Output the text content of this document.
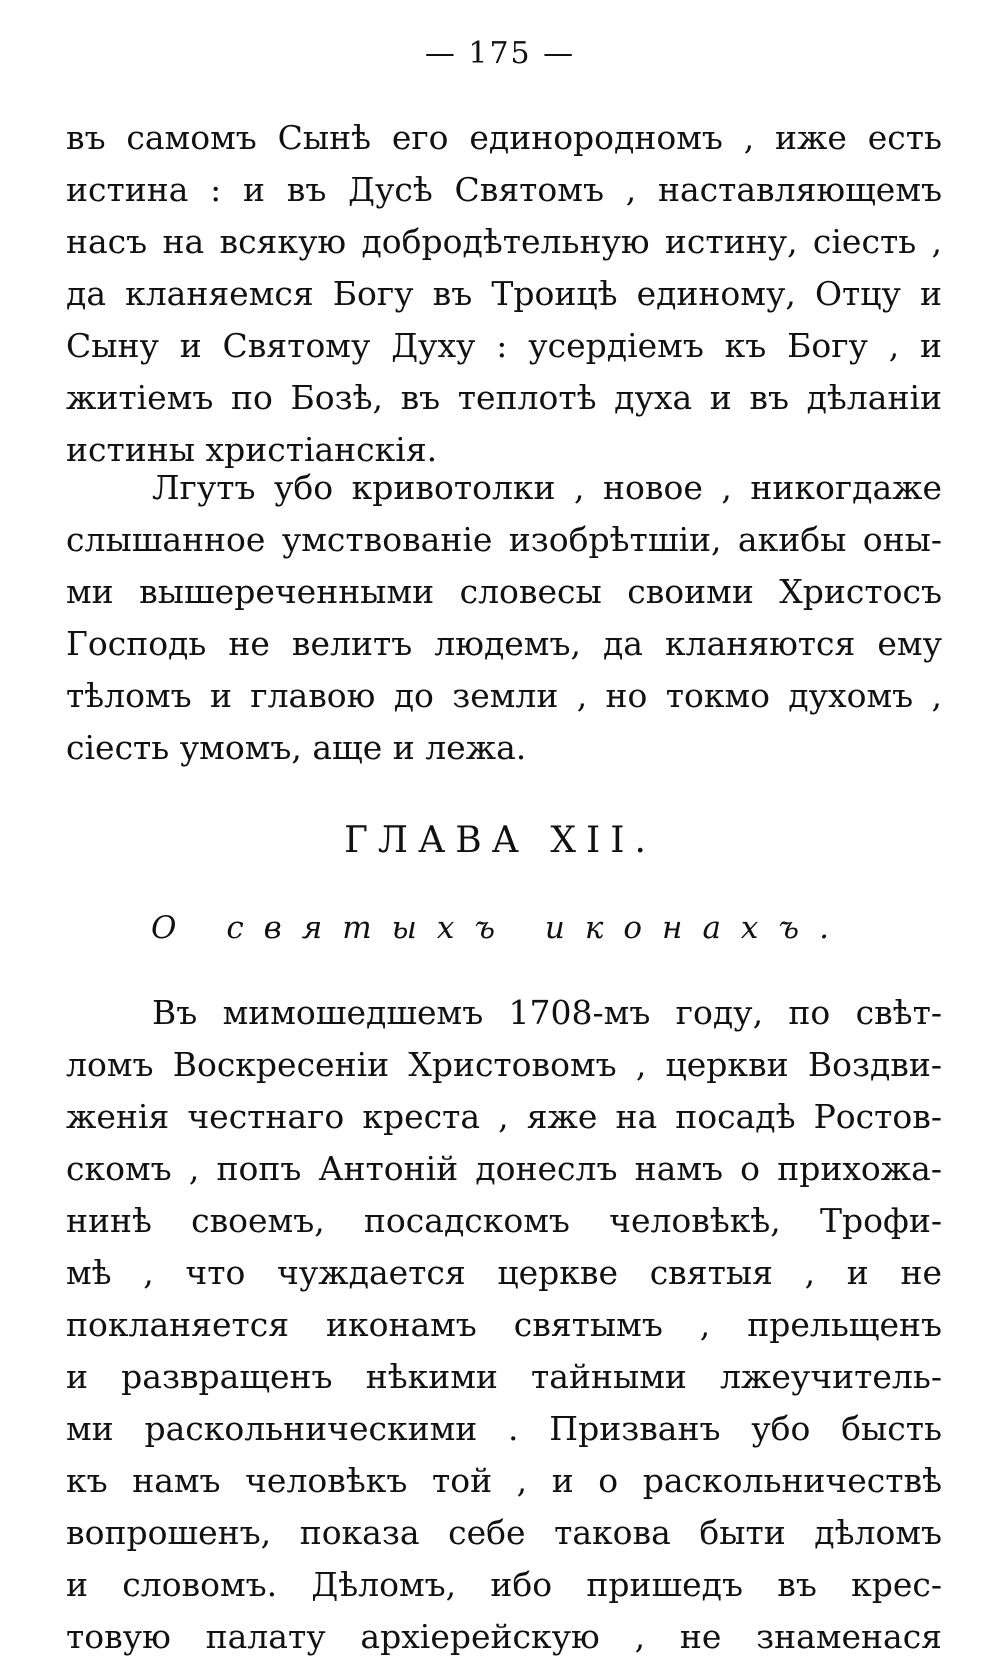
— 175 —
въ самомъ Сынѣ его единородномъ , иже есть
истина : и въ Дусѣ Святомъ , наставляющемъ
насъ на всякую добродѣтельную истину, сіесть ,
да кланяемся Богу въ Троицѣ единому, Отцу и
Сыну и Святому Духу : усердіемъ къ Богу , и
житіемъ по Бозѣ, въ теплотѣ духа и въ дѣланіи
истины христіанскія.
Лгутъ убо кривотолки , новое , никогдаже
слышанное умствованіе изобрѣтшіи, акибы оны-
ми вышереченными словесы своими Христосъ
Господь не велитъ людемъ, да кланяются ему
тѣломъ и главою до земли , но токмо духомъ ,
сіесть умомъ, аще и лежа.
ГЛАВА XII.
О святыхъ иконахъ.
Въ мимошедшемъ 1708-мъ году, по свѣт-
ломъ Воскресеніи Христовомъ , церкви Воздви-
женія честнаго креста , яже на посадѣ Ростов-
скомъ , попъ Антоній донеслъ намъ о прихожа-
нинѣ своемъ, посадскомъ человѣкѣ, Трофи-
мѣ , что чуждается церкве святыя , и не
покланяется иконамъ святымъ , прельщенъ
и развращенъ нѣкими тайными лжеучитель-
ми раскольническими . Призванъ убо бысть
къ намъ человѣкъ той , и о раскольничествѣ
вопрошенъ, показа себе такова быти дѣломъ
и словомъ. Дѣломъ, ибо пришедъ въ крес-
товую палату архіерейскую , не знаменася
